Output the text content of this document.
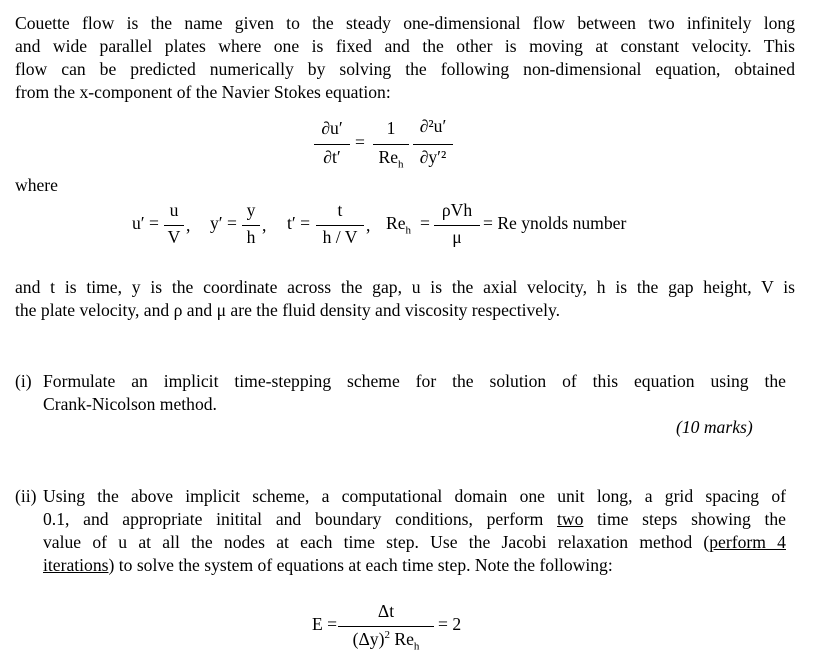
Couette flow is the name given to the steady one-dimensional flow between two infinitely long
and wide parallel plates where one is fixed and the other is moving at constant velocity. This
flow can be predicted numerically by solving the following non-dimensional equation, obtained
from the x-component of the Navier Stokes equation:
∂u′
∂t′
=
1
$Re_h$
∂²u′
∂y′²
where
u′ =
u
V
, y′ =
y
h
, t′ =
t
h / V
, $Re_h$ =
ρVh
μ
= Re ynolds number
and t is time, y is the coordinate across the gap, u is the axial velocity, h is the gap height, V is
the plate velocity, and ρ and μ are the fluid density and viscosity respectively.
(i) Formulate an implicit time-stepping scheme for the solution of this equation using the
Crank-Nicolson method.
(10 marks)
(ii) Using the above implicit scheme, a computational domain one unit long, a grid spacing of
0.1, and appropriate initital and boundary conditions, perform two time steps showing the
value of u at all the nodes at each time step. Use the Jacobi relaxation method (perform 4
iterations) to solve the system of equations at each time step. Note the following:
E =
Δt
$(\Delta y)^2$ $Re_h$
= 2
